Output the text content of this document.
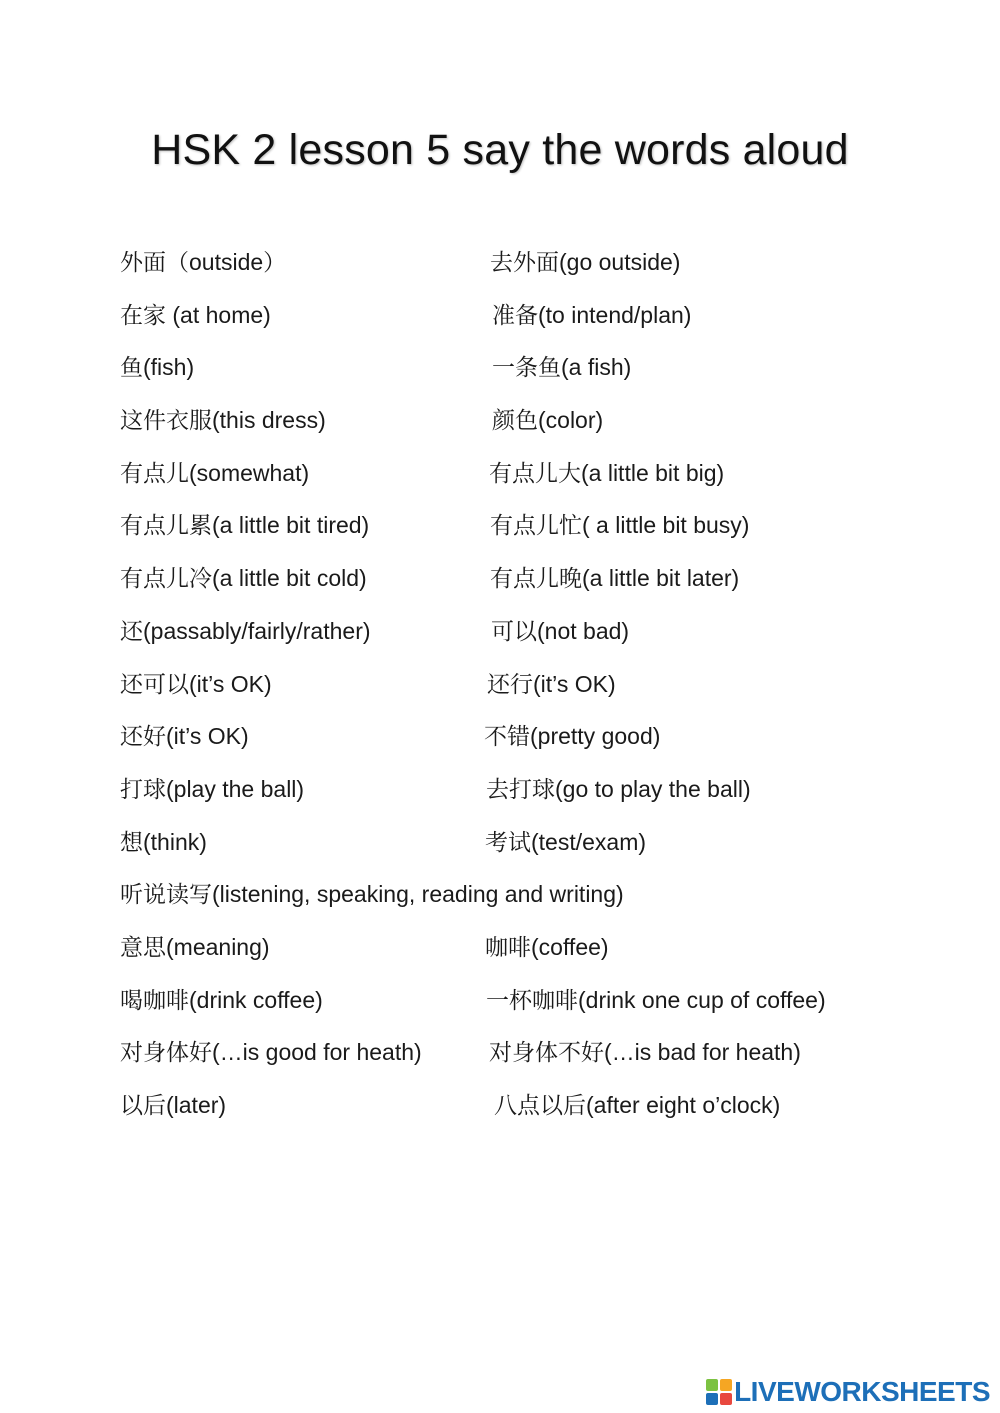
HSK 2 lesson 5 say the words aloud
外面（outside）	去外面(go outside)
在家 (at home)	准备(to intend/plan)
鱼(fish)	一条鱼(a fish)
这件衣服(this dress)	颜色(color)
有点儿(somewhat)	有点儿大(a little bit big)
有点儿累(a little bit tired)	有点儿忙( a little bit busy)
有点儿冷(a little bit cold)	有点儿晚(a little bit later)
还(passably/fairly/rather)	可以(not bad)
还可以(it’s OK)	还行(it’s OK)
还好(it’s OK)	不错(pretty good)
打球(play the ball)	去打球(go to play the ball)
想(think)	考试(test/exam)
听说读写(listening, speaking, reading and writing)
意思(meaning)	咖啡(coffee)
喝咖啡(drink coffee)	一杯咖啡(drink one cup of coffee)
对身体好(…is good for heath)	对身体不好(…is bad for heath)
以后(later)	八点以后(after eight o’clock)
LIVEWORKSHEETS
